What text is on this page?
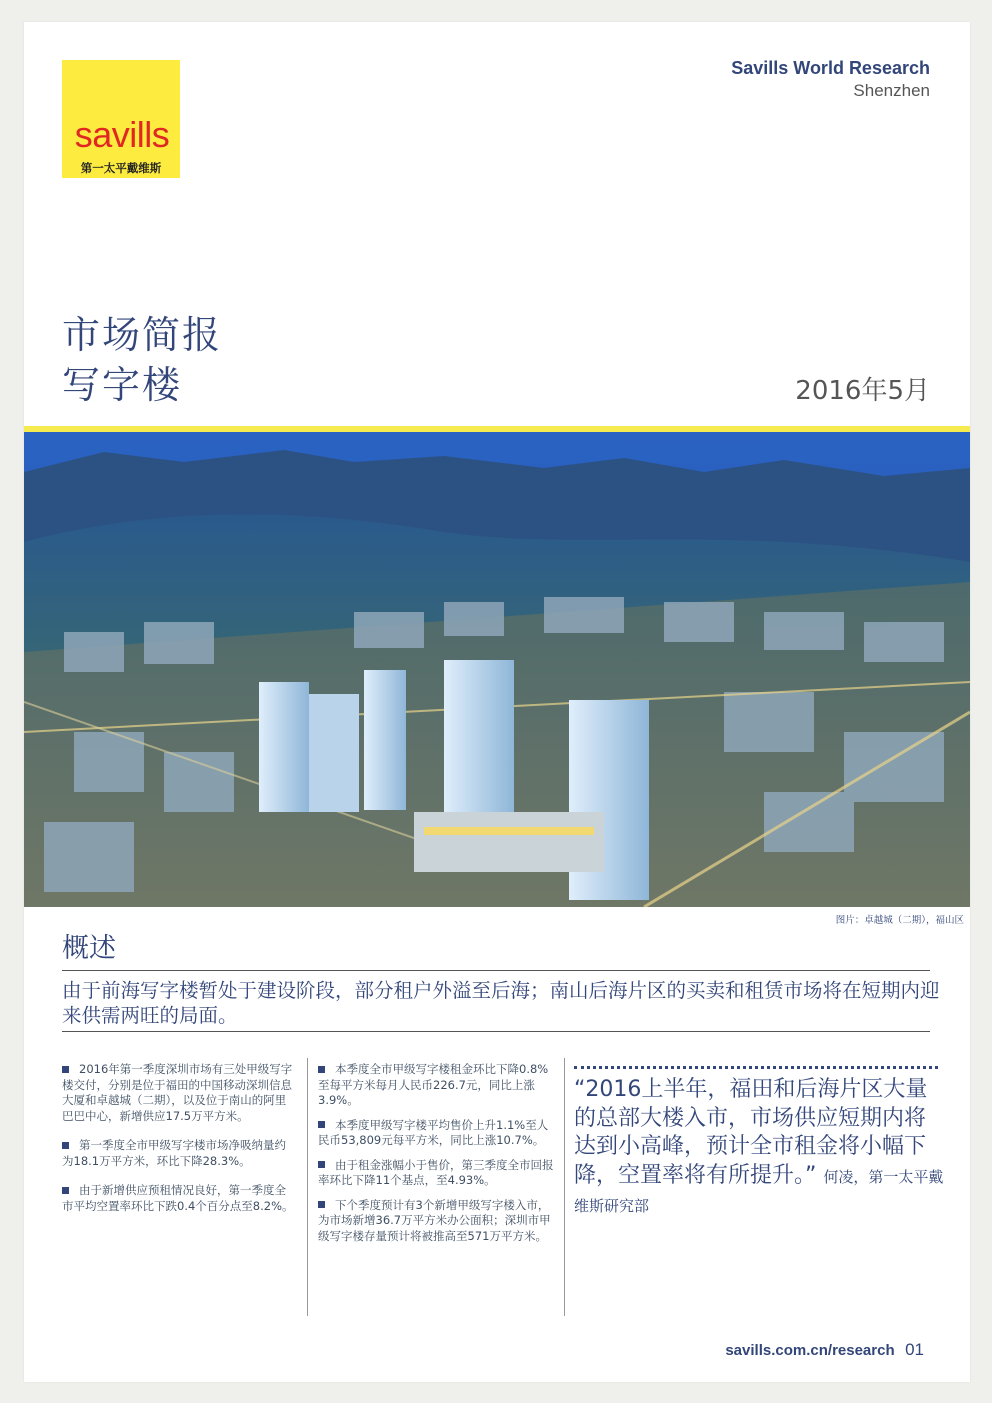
savills
第一太平戴维斯
Savills World Research
Shenzhen
市场简报
写字楼	2016年5月
图片：卓越城（二期），福山区
概述
由于前海写字楼暂处于建设阶段，部分租户外溢至后海；南山后海片区的买卖和租赁市场将在短期内迎来供需两旺的局面。
2016年第一季度深圳市场有三处甲级写字楼交付，分别是位于福田的中国移动深圳信息大厦和卓越城（二期），以及位于南山的阿里巴巴中心，新增供应17.5万平方米。
第一季度全市甲级写字楼市场净吸纳量约为18.1万平方米，环比下降28.3%。
由于新增供应预租情况良好，第一季度全市平均空置率环比下跌0.4个百分点至8.2%。
本季度全市甲级写字楼租金环比下降0.8%至每平方米每月人民币226.7元，同比上涨3.9%。
本季度甲级写字楼平均售价上升1.1%至人民币53,809元每平方米，同比上涨10.7%。
由于租金涨幅小于售价，第三季度全市回报率环比下降11个基点，至4.93%。
下个季度预计有3个新增甲级写字楼入市，为市场新增36.7万平方米办公面积；深圳市甲级写字楼存量预计将被推高至571万平方米。
“2016上半年，福田和后海片区大量的总部大楼入市，市场供应短期内将达到小高峰，预计全市租金将小幅下降，空置率将有所提升。” 何凌，第一太平戴维斯研究部
savills.com.cn/research 01
